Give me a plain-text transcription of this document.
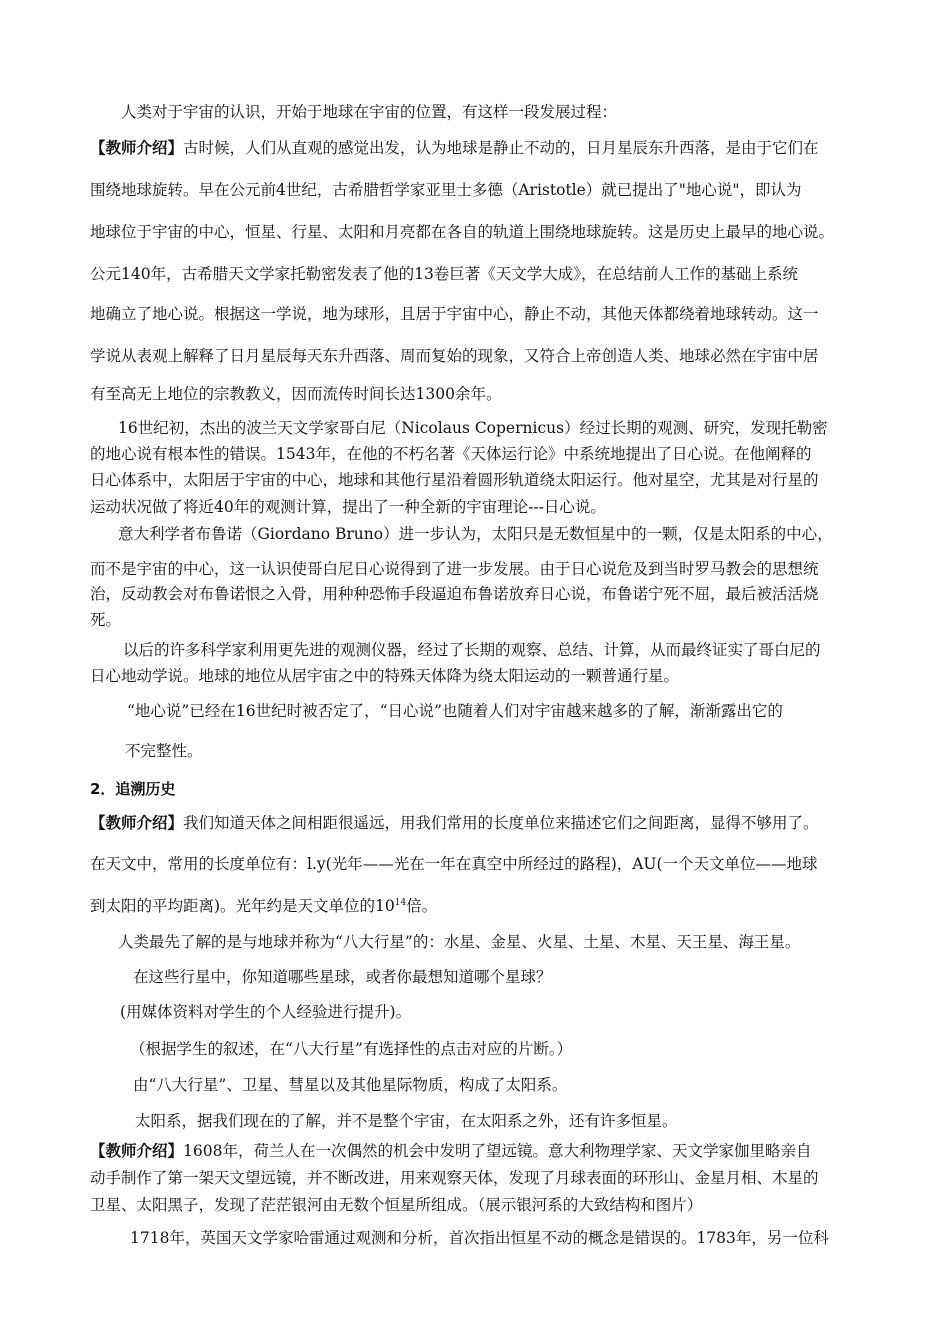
人类对于宇宙的认识，开始于地球在宇宙的位置，有这样一段发展过程：

【教师介绍】古时候，人们从直观的感觉出发，认为地球是静止不动的，日月星辰东升西落，是由于它们在

围绕地球旋转。早在公元前4世纪，古希腊哲学家亚里士多德（Aristotle）就已提出了"地心说"，即认为

地球位于宇宙的中心，恒星、行星、太阳和月亮都在各自的轨道上围绕地球旋转。这是历史上最早的地心说。

公元140年，古希腊天文学家托勒密发表了他的13卷巨著《天文学大成》，在总结前人工作的基础上系统

地确立了地心说。根据这一学说，地为球形，且居于宇宙中心，静止不动，其他天体都绕着地球转动。这一

学说从表观上解释了日月星辰每天东升西落、周而复始的现象，又符合上帝创造人类、地球必然在宇宙中居

有至高无上地位的宗教教义，因而流传时间长达1300余年。

16世纪初，杰出的波兰天文学家哥白尼（Nicolaus Copernicus）经过长期的观测、研究，发现托勒密

的地心说有根本性的错误。1543年，在他的不朽名著《天体运行论》中系统地提出了日心说。在他阐释的

日心体系中，太阳居于宇宙的中心，地球和其他行星沿着圆形轨道绕太阳运行。他对星空，尤其是对行星的

运动状况做了将近40年的观测计算，提出了一种全新的宇宙理论---日心说。

意大利学者布鲁诺（Giordano Bruno）进一步认为，太阳只是无数恒星中的一颗，仅是太阳系的中心，

而不是宇宙的中心，这一认识使哥白尼日心说得到了进一步发展。由于日心说危及到当时罗马教会的思想统

治，反动教会对布鲁诺恨之入骨，用种种恐怖手段逼迫布鲁诺放弃日心说，布鲁诺宁死不屈，最后被活活烧

死。

以后的许多科学家利用更先进的观测仪器，经过了长期的观察、总结、计算，从而最终证实了哥白尼的

日心地动学说。地球的地位从居宇宙之中的特殊天体降为绕太阳运动的一颗普通行星。

“地心说”已经在16世纪时被否定了，“日心说”也随着人们对宇宙越来越多的了解，渐渐露出它的

不完整性。

2．追溯历史

【教师介绍】我们知道天体之间相距很遥远，用我们常用的长度单位来描述它们之间距离，显得不够用了。

在天文中，常用的长度单位有：l.y(光年——光在一年在真空中所经过的路程)，AU(一个天文单位——地球

到太阳的平均距离)。光年约是天文单位的$10^{14}$倍。

人类最先了解的是与地球并称为“八大行星”的：水星、金星、火星、土星、木星、天王星、海王星。

在这些行星中，你知道哪些星球，或者你最想知道哪个星球？

(用媒体资料对学生的个人经验进行提升)。

（根据学生的叙述，在“八大行星”有选择性的点击对应的片断。）

由“八大行星”、卫星、彗星以及其他星际物质，构成了太阳系。

太阳系，据我们现在的了解，并不是整个宇宙，在太阳系之外，还有许多恒星。

【教师介绍】1608年，荷兰人在一次偶然的机会中发明了望远镜。意大利物理学家、天文学家伽里略亲自

动手制作了第一架天文望远镜，并不断改进，用来观察天体，发现了月球表面的环形山、金星月相、木星的

卫星、太阳黑子，发现了茫茫银河由无数个恒星所组成。（展示银河系的大致结构和图片）

1718年，英国天文学家哈雷通过观测和分析，首次指出恒星不动的概念是错误的。1783年，另一位科
